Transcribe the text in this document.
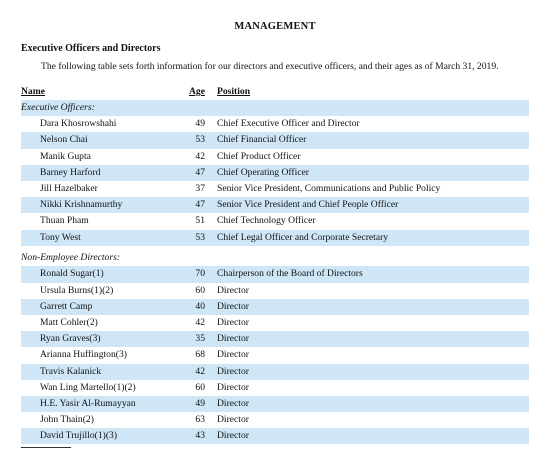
MANAGEMENT
Executive Officers and Directors
The following table sets forth information for our directors and executive officers, and their ages as of March 31, 2019.
Name	Age Position
Executive Officers:
Dara Khosrowshahi	49 Chief Executive Officer and Director
Nelson Chai	53 Chief Financial Officer
Manik Gupta	42 Chief Product Officer
Barney Harford	47 Chief Operating Officer
Jill Hazelbaker	37 Senior Vice President, Communications and Public Policy
Nikki Krishnamurthy	47 Senior Vice President and Chief People Officer
Thuan Pham	51 Chief Technology Officer
Tony West	53 Chief Legal Officer and Corporate Secretary
Non-Employee Directors:
Ronald Sugar(1)	70 Chairperson of the Board of Directors
Ursula Burns(1)(2)	60 Director
Garrett Camp	40 Director
Matt Cohler(2)	42 Director
Ryan Graves(3)	35 Director
Arianna Huffington(3)	68 Director
Travis Kalanick	42 Director
Wan Ling Martello(1)(2)	60 Director
H.E. Yasir Al-Rumayyan	49 Director
John Thain(2)	63 Director
David Trujillo(1)(3)	43 Director
